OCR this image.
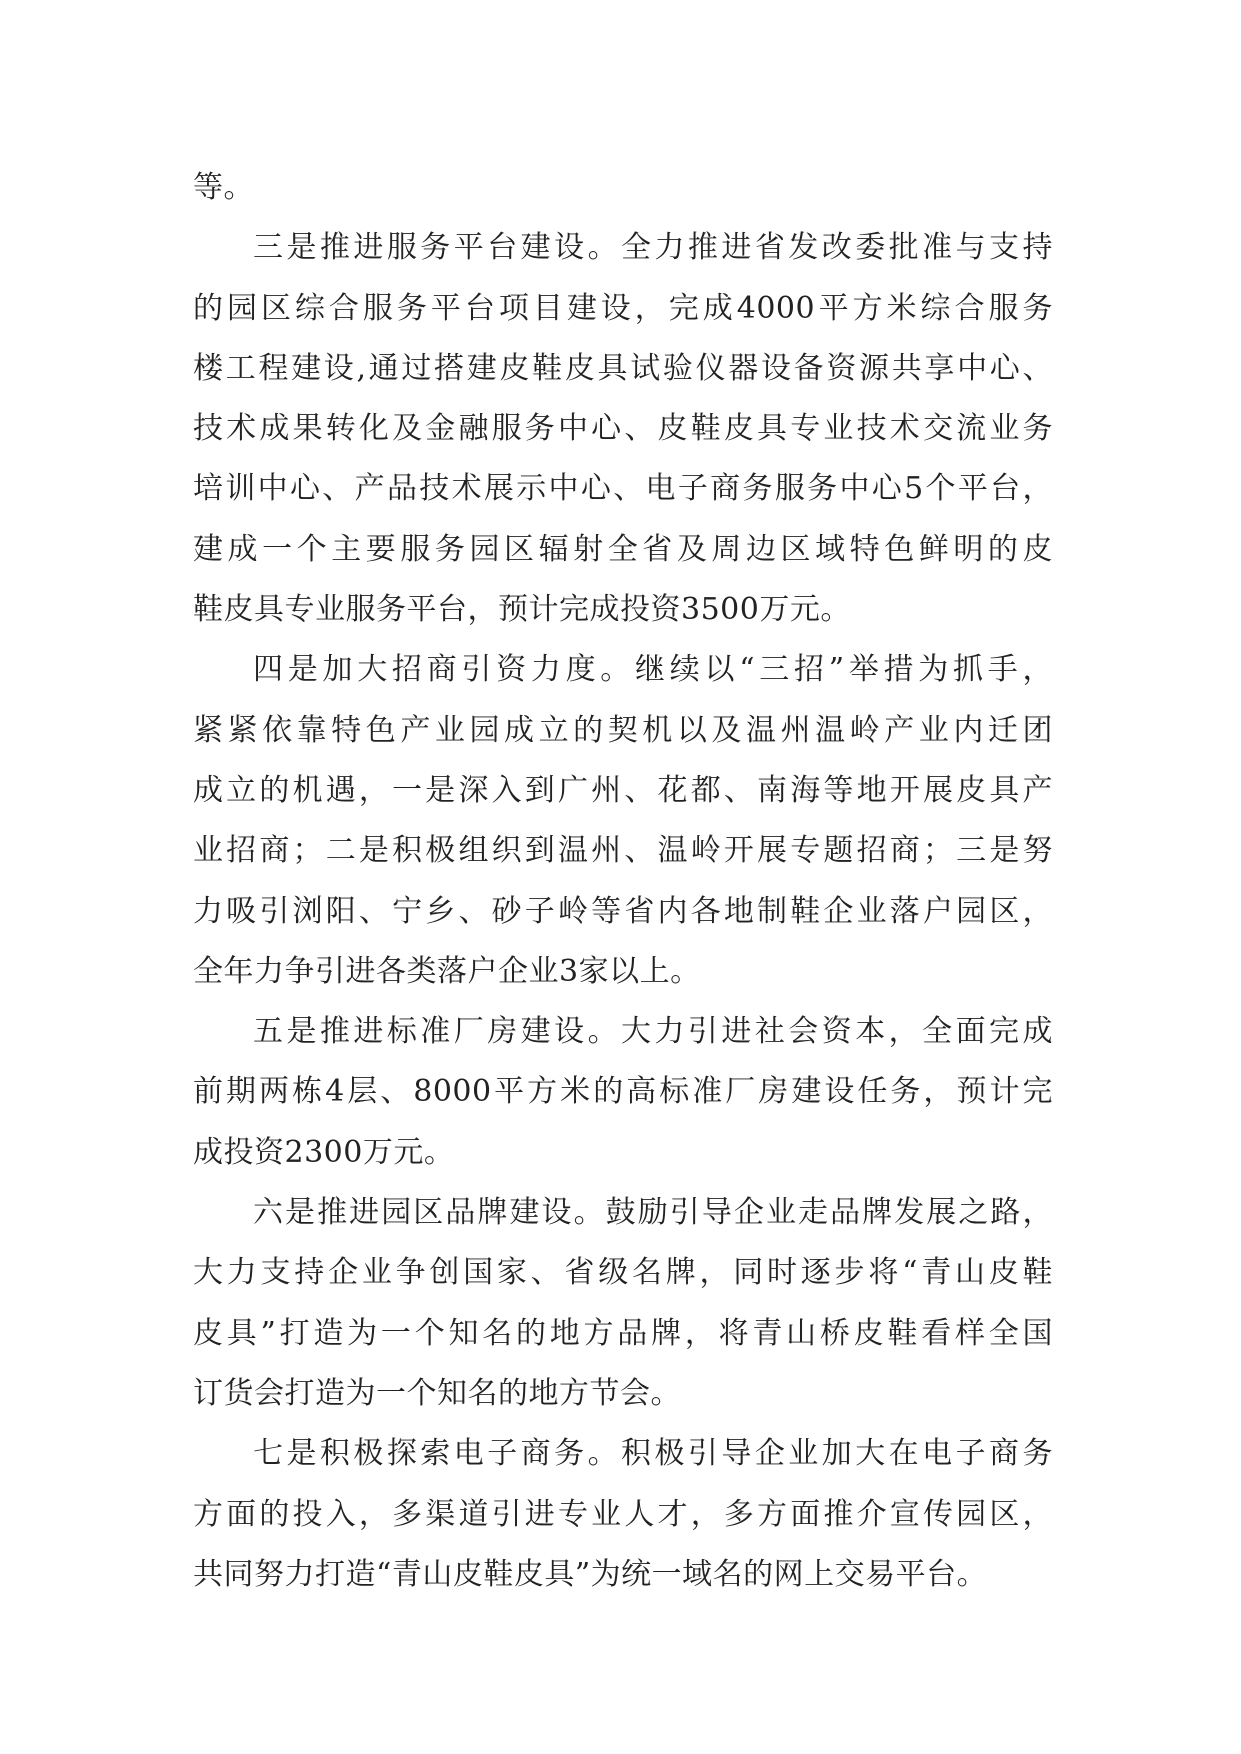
等。
三是推进服务平台建设。全力推进省发改委批准与支持
的园区综合服务平台项目建设，完成4000平方米综合服务
楼工程建设,通过搭建皮鞋皮具试验仪器设备资源共享中心、
技术成果转化及金融服务中心、皮鞋皮具专业技术交流业务
培训中心、产品技术展示中心、电子商务服务中心5个平台，
建成一个主要服务园区辐射全省及周边区域特色鲜明的皮
鞋皮具专业服务平台，预计完成投资3500万元。
四是加大招商引资力度。继续以“三招”举措为抓手，
紧紧依靠特色产业园成立的契机以及温州温岭产业内迁团
成立的机遇，一是深入到广州、花都、南海等地开展皮具产
业招商；二是积极组织到温州、温岭开展专题招商；三是努
力吸引浏阳、宁乡、砂子岭等省内各地制鞋企业落户园区，
全年力争引进各类落户企业3家以上。
五是推进标准厂房建设。大力引进社会资本，全面完成
前期两栋4层、8000平方米的高标准厂房建设任务，预计完
成投资2300万元。
六是推进园区品牌建设。鼓励引导企业走品牌发展之路，
大力支持企业争创国家、省级名牌，同时逐步将“青山皮鞋
皮具”打造为一个知名的地方品牌，将青山桥皮鞋看样全国
订货会打造为一个知名的地方节会。
七是积极探索电子商务。积极引导企业加大在电子商务
方面的投入，多渠道引进专业人才，多方面推介宣传园区，
共同努力打造“青山皮鞋皮具”为统一域名的网上交易平台。
